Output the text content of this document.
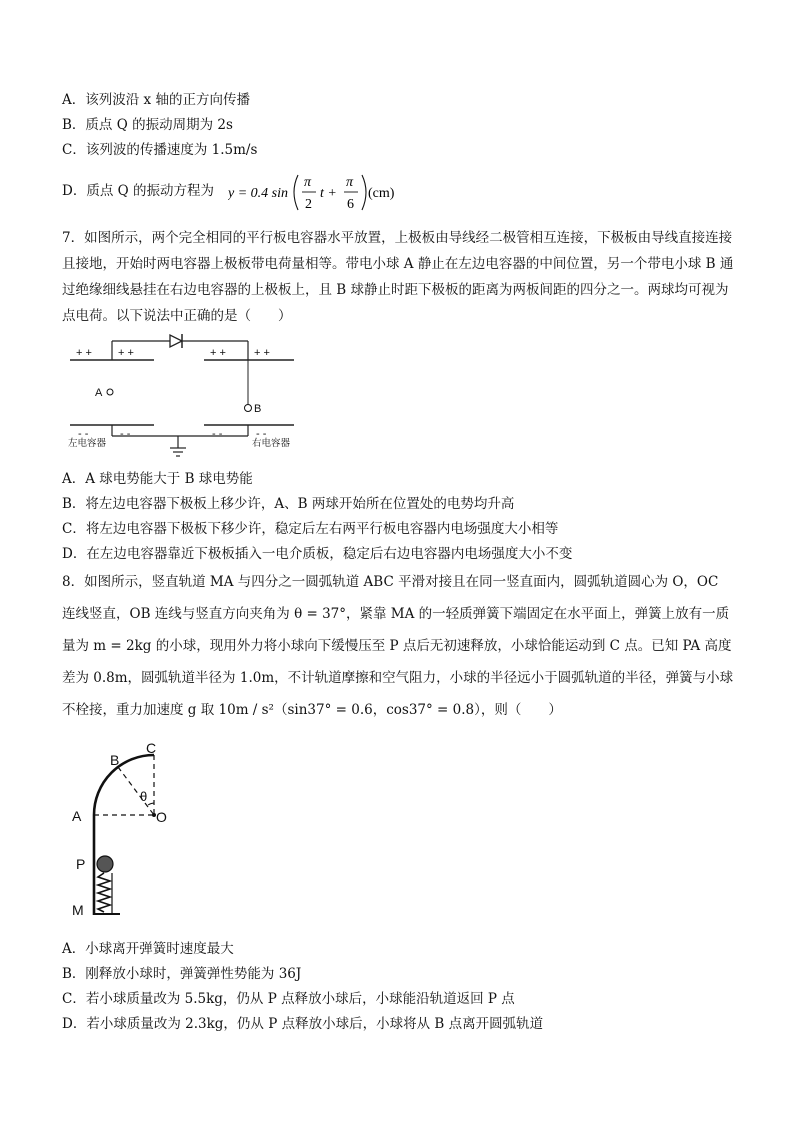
A．该列波沿 x 轴的正方向传播
B．质点 Q 的振动周期为 2s
C．该列波的传播速度为 1.5m/s
D．质点 Q 的振动方程为 y = 0.4 sin
π
2
t +
π
6
(cm)
7．如图所示，两个完全相同的平行板电容器水平放置，上极板由导线经二极管相互连接，下极板由导线直接连接且接地，开始时两电容器上极板带电荷量相等。带电小球 A 静止在左边电容器的中间位置，另一个带电小球 B 通过绝缘细线悬挂在右边电容器的上极板上，且 B 球静止时距下极板的距离为两板间距的四分之一。两球均可视为点电荷。以下说法中正确的是（　　）
+ + + +	+ +	+ +
- -	- -	- -	- -
A
B
左电容器	右电容器
A．A 球电势能大于 B 球电势能
B．将左边电容器下极板上移少许，A、B 两球开始所在位置处的电势均升高
C．将左边电容器下极板下移少许，稳定后左右两平行板电容器内电场强度大小相等
D．在左边电容器靠近下极板插入一电介质板，稳定后右边电容器内电场强度大小不变
8．如图所示，竖直轨道 MA 与四分之一圆弧轨道 ABC 平滑对接且在同一竖直面内，圆弧轨道圆心为 O，OC 连线竖直，OB 连线与竖直方向夹角为 θ = 37°，紧靠 MA 的一轻质弹簧下端固定在水平面上，弹簧上放有一质量为 m = 2kg 的小球，现用外力将小球向下缓慢压至 P 点后无初速释放，小球恰能运动到 C 点。已知 PA 高度差为 0.8m，圆弧轨道半径为 1.0m，不计轨道摩擦和空气阻力，小球的半径远小于圆弧轨道的半径，弹簧与小球不栓接，重力加速度 g 取 10m / s²（sin37° = 0.6，cos37° = 0.8），则（　　）
C
B
θ
A	O
P
M
A．小球离开弹簧时速度最大
B．刚释放小球时，弹簧弹性势能为 36J
C．若小球质量改为 5.5kg，仍从 P 点释放小球后，小球能沿轨道返回 P 点
D．若小球质量改为 2.3kg，仍从 P 点释放小球后，小球将从 B 点离开圆弧轨道
